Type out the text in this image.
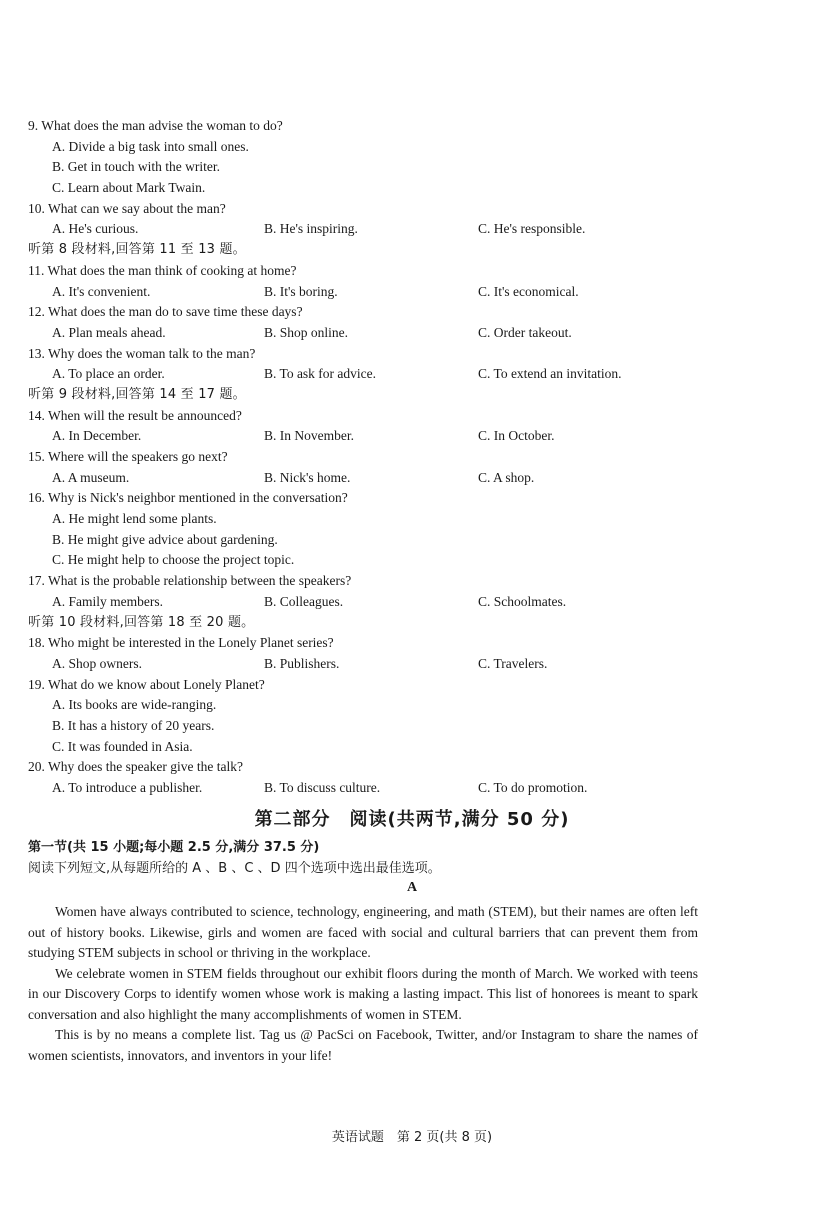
9. What does the man advise the woman to do?
A. Divide a big task into small ones.
B. Get in touch with the writer.
C. Learn about Mark Twain.
10. What can we say about the man?
A. He's curious.	B. He's inspiring.	C. He's responsible.
听第 8 段材料,回答第 11 至 13 题。
11. What does the man think of cooking at home?
A. It's convenient.	B. It's boring.	C. It's economical.
12. What does the man do to save time these days?
A. Plan meals ahead.	B. Shop online.	C. Order takeout.
13. Why does the woman talk to the man?
A. To place an order.	B. To ask for advice.	C. To extend an invitation.
听第 9 段材料,回答第 14 至 17 题。
14. When will the result be announced?
A. In December.	B. In November.	C. In October.
15. Where will the speakers go next?
A. A museum.	B. Nick's home.	C. A shop.
16. Why is Nick's neighbor mentioned in the conversation?
A. He might lend some plants.
B. He might give advice about gardening.
C. He might help to choose the project topic.
17. What is the probable relationship between the speakers?
A. Family members.	B. Colleagues.	C. Schoolmates.
听第 10 段材料,回答第 18 至 20 题。
18. Who might be interested in the Lonely Planet series?
A. Shop owners.	B. Publishers.	C. Travelers.
19. What do we know about Lonely Planet?
A. Its books are wide-ranging.
B. It has a history of 20 years.
C. It was founded in Asia.
20. Why does the speaker give the talk?
A. To introduce a publisher.	B. To discuss culture.	C. To do promotion.
第二部分　阅读(共两节,满分 50 分)
第一节(共 15 小题;每小题 2.5 分,满分 37.5 分)
阅读下列短文,从每题所给的 A 、B 、C 、D 四个选项中选出最佳选项。
A

Women have always contributed to science, technology, engineering, and math (STEM), but their names are often left out of history books. Likewise, girls and women are faced with social and cultural barriers that can prevent them from studying STEM subjects in school or thriving in the workplace.

We celebrate women in STEM fields throughout our exhibit floors during the month of March. We worked with teens in our Discovery Corps to identify women whose work is making a lasting impact. This list of honorees is meant to spark conversation and also highlight the many accomplishments of women in STEM.

This is by no means a complete list. Tag us @ PacSci on Facebook, Twitter, and/or Instagram to share the names of women scientists, innovators, and inventors in your life!

英语试题　第 2 页(共 8 页)
